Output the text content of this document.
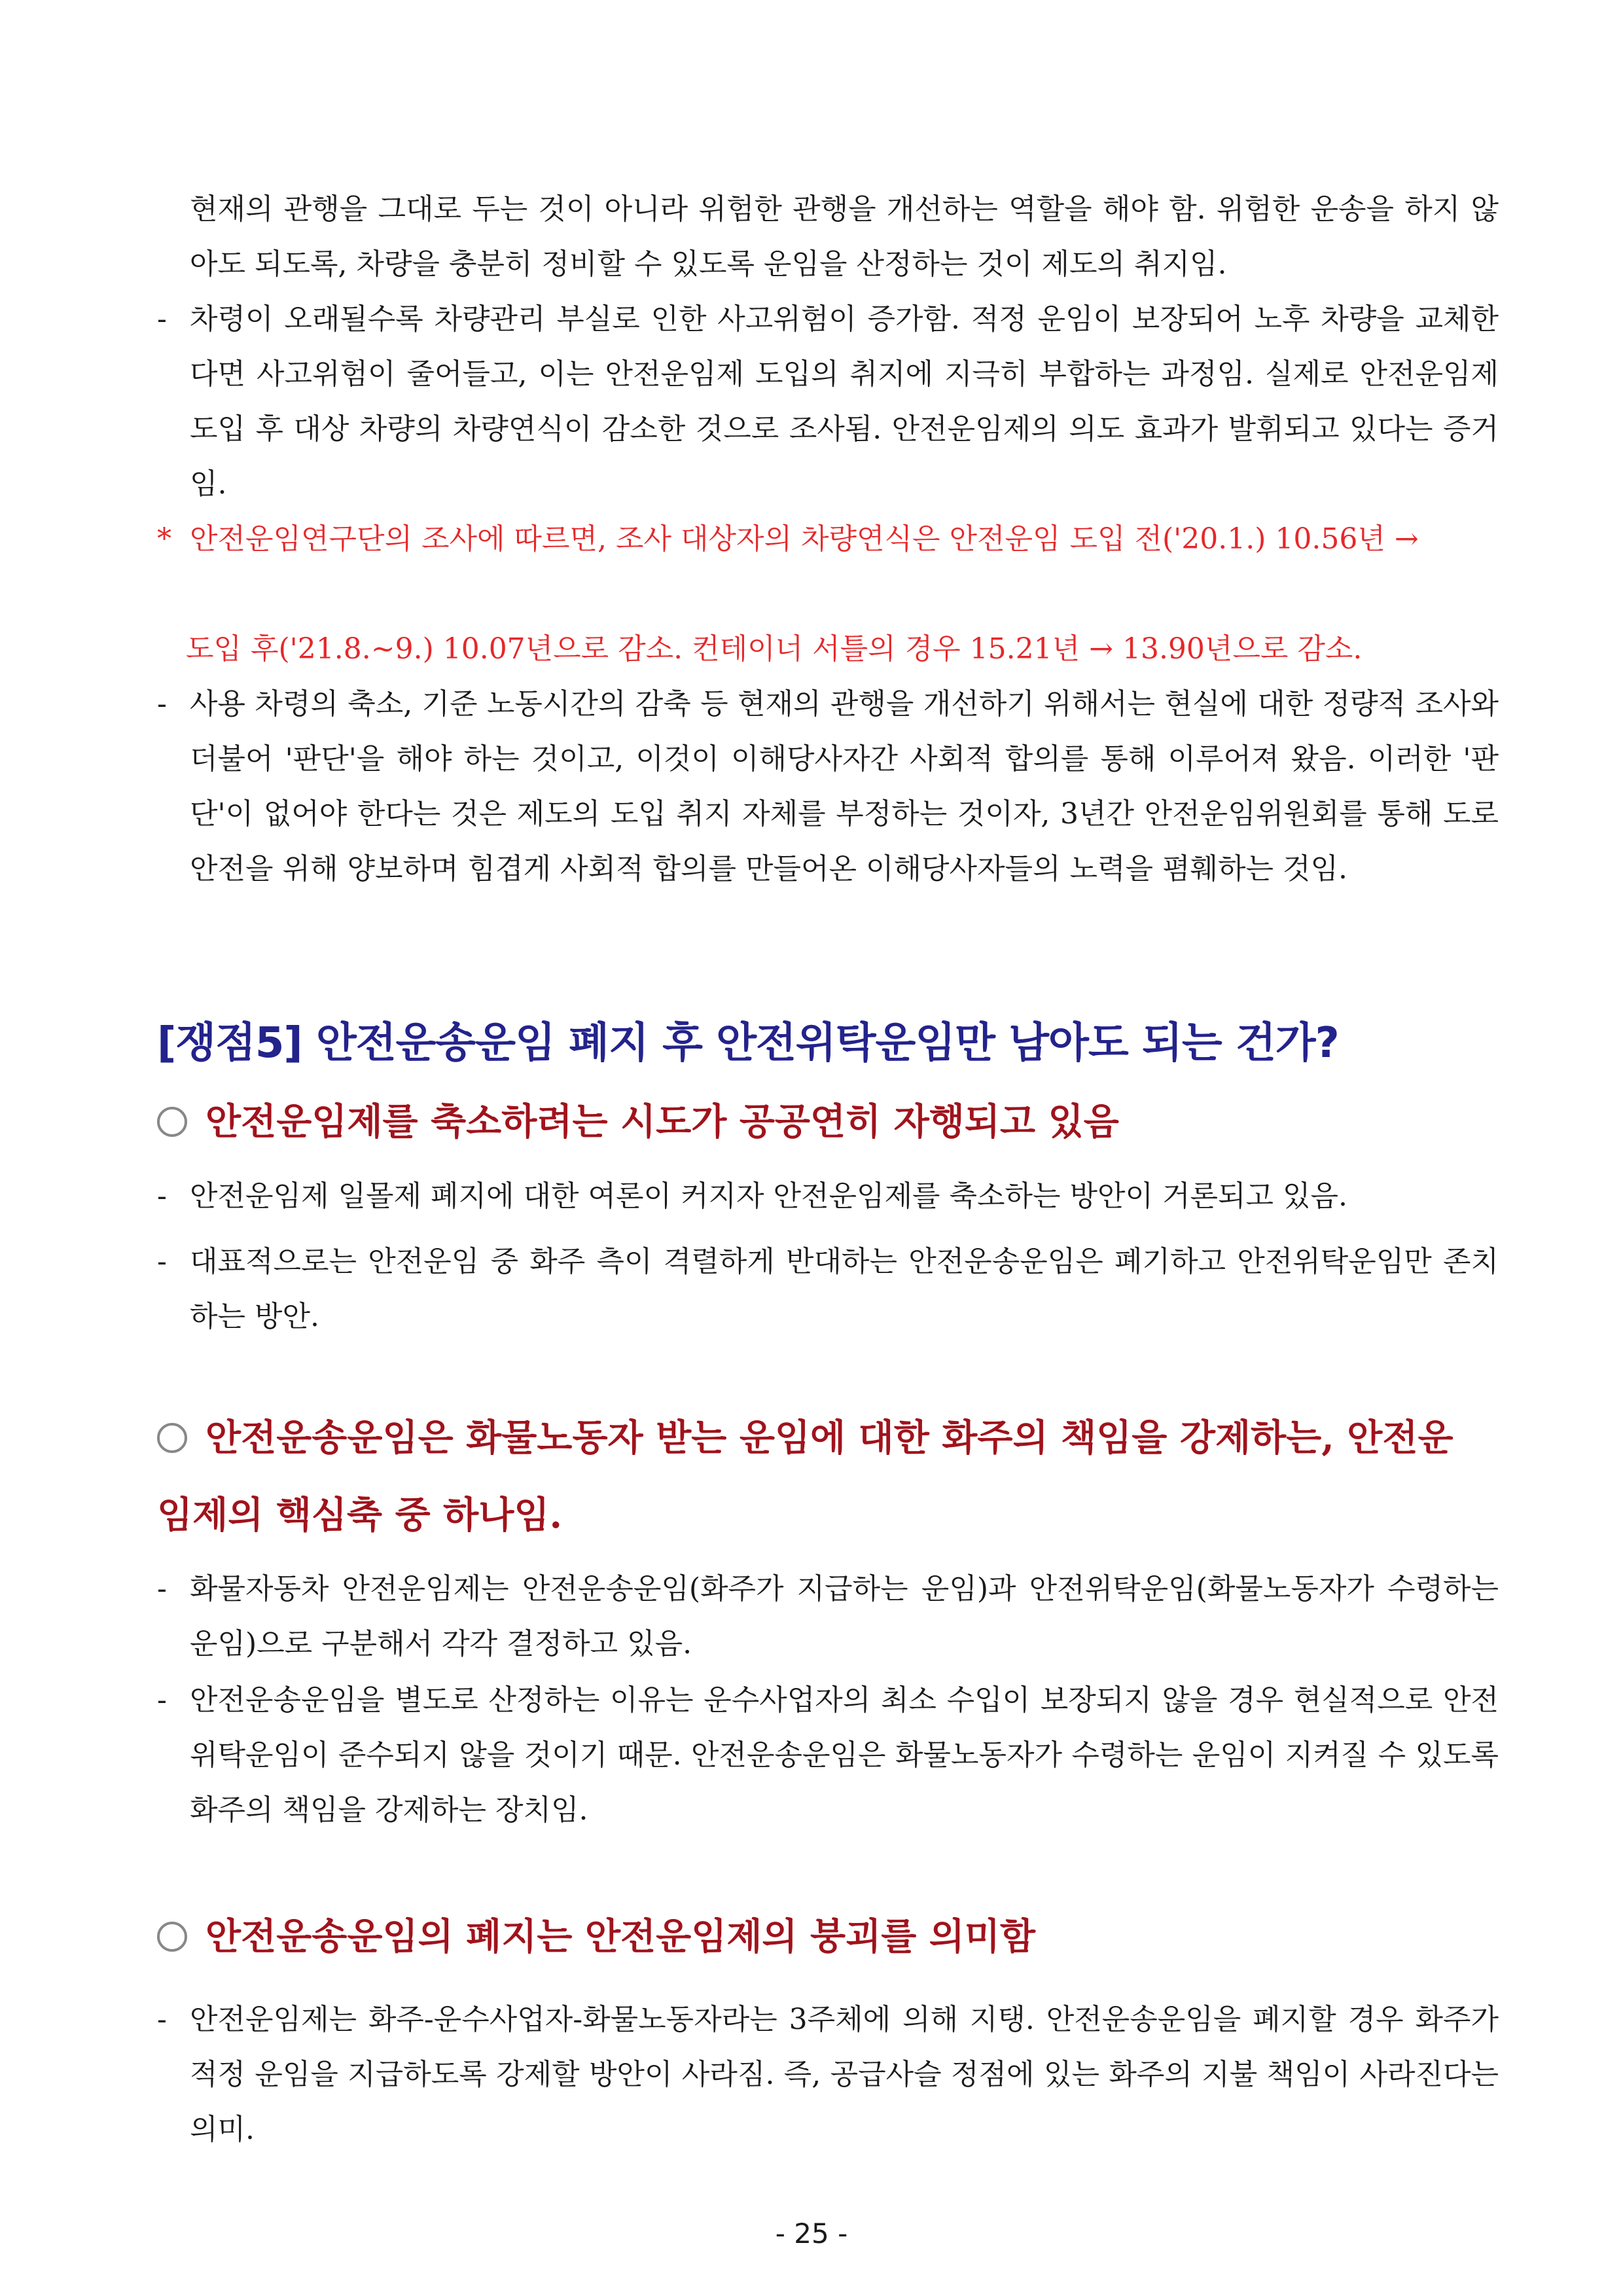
현재의 관행을 그대로 두는 것이 아니라 위험한 관행을 개선하는 역할을 해야 함. 위험한 운송을 하지 않아도 되도록, 차량을 충분히 정비할 수 있도록 운임을 산정하는 것이 제도의 취지임.
- 차령이 오래될수록 차량관리 부실로 인한 사고위험이 증가함. 적정 운임이 보장되어 노후 차량을 교체한다면 사고위험이 줄어들고, 이는 안전운임제 도입의 취지에 지극히 부합하는 과정임. 실제로 안전운임제 도입 후 대상 차량의 차량연식이 감소한 것으로 조사됨. 안전운임제의 의도 효과가 발휘되고 있다는 증거임.
* 안전운임연구단의 조사에 따르면, 조사 대상자의 차량연식은 안전운임 도입 전('20.1.) 10.56년 →
도입 후('21.8.~9.) 10.07년으로 감소. 컨테이너 서틀의 경우 15.21년 → 13.90년으로 감소.
- 사용 차령의 축소, 기준 노동시간의 감축 등 현재의 관행을 개선하기 위해서는 현실에 대한 정량적 조사와 더불어 '판단'을 해야 하는 것이고, 이것이 이해당사자간 사회적 합의를 통해 이루어져 왔음. 이러한 '판단'이 없어야 한다는 것은 제도의 도입 취지 자체를 부정하는 것이자, 3년간 안전운임위원회를 통해 도로 안전을 위해 양보하며 힘겹게 사회적 합의를 만들어온 이해당사자들의 노력을 폄훼하는 것임.
[쟁점5] 안전운송운임 폐지 후 안전위탁운임만 남아도 되는 건가?
안전운임제를 축소하려는 시도가 공공연히 자행되고 있음
- 안전운임제 일몰제 폐지에 대한 여론이 커지자 안전운임제를 축소하는 방안이 거론되고 있음.
- 대표적으로는 안전운임 중 화주 측이 격렬하게 반대하는 안전운송운임은 폐기하고 안전위탁운임만 존치하는 방안.
안전운송운임은 화물노동자 받는 운임에 대한 화주의 책임을 강제하는, 안전운임제의 핵심축 중 하나임.
- 화물자동차 안전운임제는 안전운송운임(화주가 지급하는 운임)과 안전위탁운임(화물노동자가 수령하는 운임)으로 구분해서 각각 결정하고 있음.
- 안전운송운임을 별도로 산정하는 이유는 운수사업자의 최소 수입이 보장되지 않을 경우 현실적으로 안전위탁운임이 준수되지 않을 것이기 때문. 안전운송운임은 화물노동자가 수령하는 운임이 지켜질 수 있도록 화주의 책임을 강제하는 장치임.
안전운송운임의 폐지는 안전운임제의 붕괴를 의미함
- 안전운임제는 화주-운수사업자-화물노동자라는 3주체에 의해 지탱. 안전운송운임을 폐지할 경우 화주가 적정 운임을 지급하도록 강제할 방안이 사라짐. 즉, 공급사슬 정점에 있는 화주의 지불 책임이 사라진다는 의미.
- 25 -
